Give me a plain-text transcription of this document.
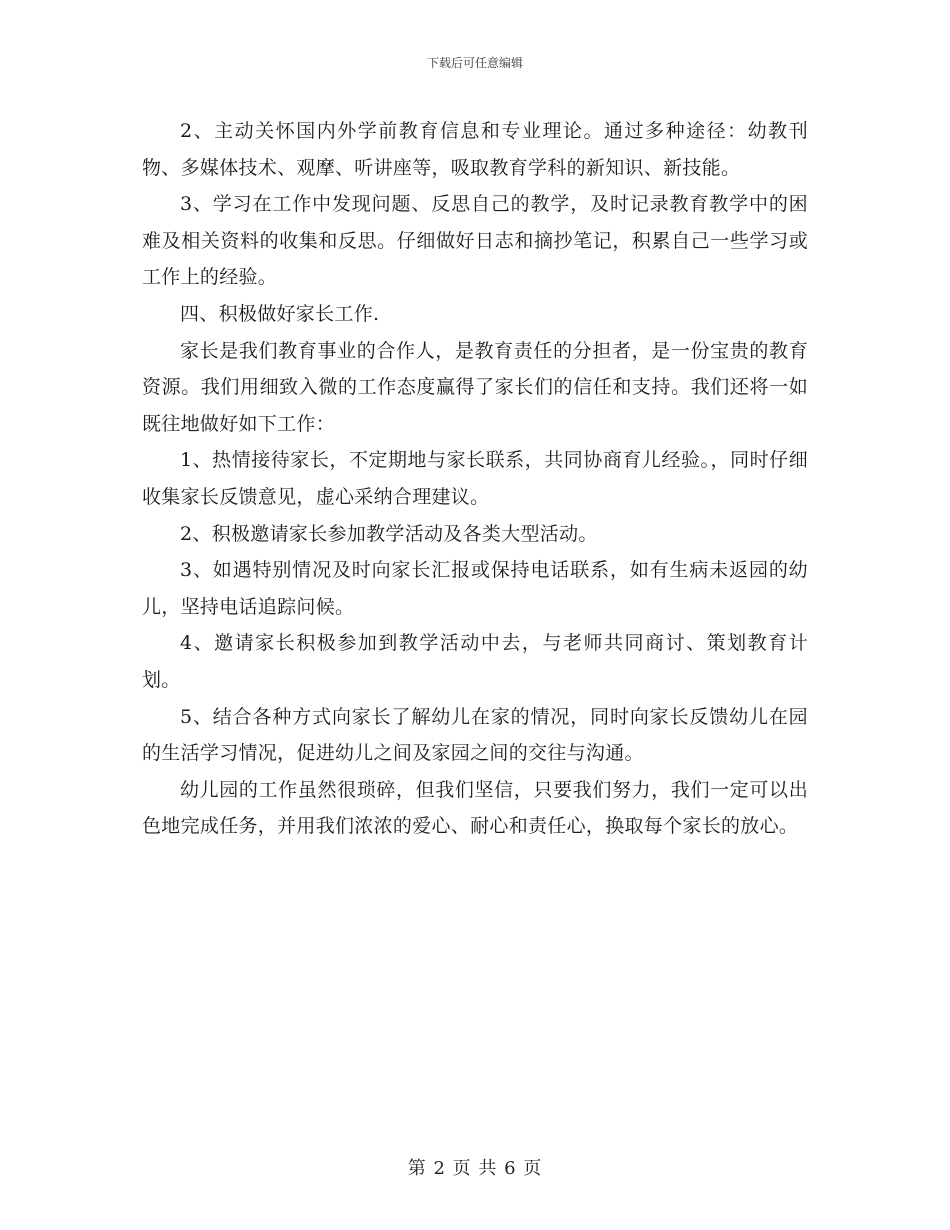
下载后可任意编辑

2、主动关怀国内外学前教育信息和专业理论。通过多种途径：幼教刊物、多媒体技术、观摩、听讲座等，吸取教育学科的新知识、新技能。

3、学习在工作中发现问题、反思自己的教学，及时记录教育教学中的困难及相关资料的收集和反思。仔细做好日志和摘抄笔记，积累自己一些学习或工作上的经验。

四、积极做好家长工作.

家长是我们教育事业的合作人，是教育责任的分担者，是一份宝贵的教育资源。我们用细致入微的工作态度赢得了家长们的信任和支持。我们还将一如既往地做好如下工作：

1、热情接待家长，不定期地与家长联系，共同协商育儿经验。，同时仔细收集家长反馈意见，虚心采纳合理建议。

2、积极邀请家长参加教学活动及各类大型活动。

3、如遇特别情况及时向家长汇报或保持电话联系，如有生病未返园的幼儿，坚持电话追踪问候。

4、邀请家长积极参加到教学活动中去，与老师共同商讨、策划教育计划。

5、结合各种方式向家长了解幼儿在家的情况，同时向家长反馈幼儿在园的生活学习情况，促进幼儿之间及家园之间的交往与沟通。

幼儿园的工作虽然很琐碎，但我们坚信，只要我们努力，我们一定可以出色地完成任务，并用我们浓浓的爱心、耐心和责任心，换取每个家长的放心。

第 2 页 共 6 页
